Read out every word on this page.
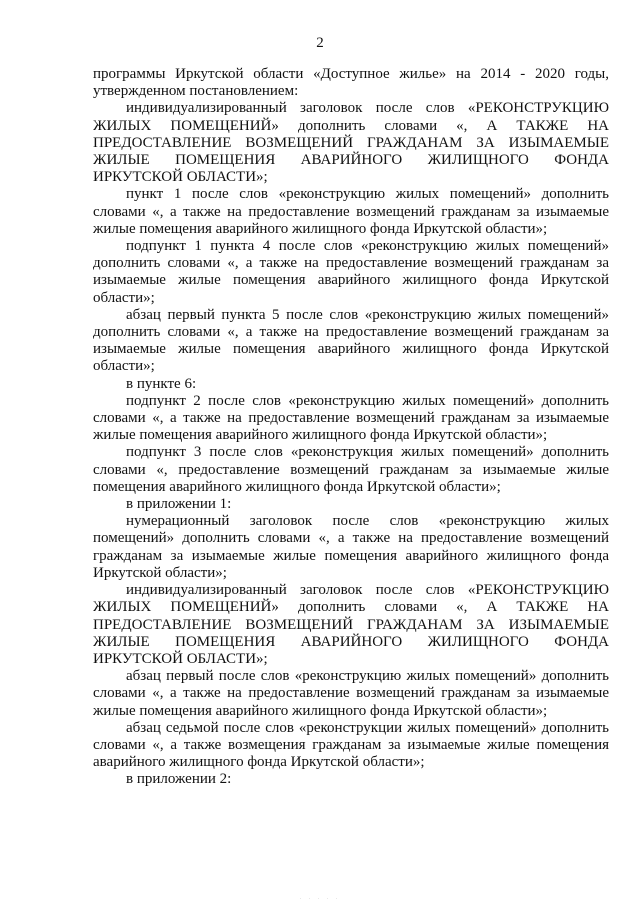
2

программы Иркутской области «Доступное жилье» на 2014 - 2020 годы, утвержденном постановлением:

индивидуализированный заголовок после слов «РЕКОНСТРУКЦИЮ ЖИЛЫХ ПОМЕЩЕНИЙ» дополнить словами «, А ТАКЖЕ НА ПРЕДОСТАВЛЕНИЕ ВОЗМЕЩЕНИЙ ГРАЖДАНАМ ЗА ИЗЫМАЕМЫЕ ЖИЛЫЕ ПОМЕЩЕНИЯ АВАРИЙНОГО ЖИЛИЩНОГО ФОНДА ИРКУТСКОЙ ОБЛАСТИ»;

пункт 1 после слов «реконструкцию жилых помещений» дополнить словами «, а также на предоставление возмещений гражданам за изымаемые жилые помещения аварийного жилищного фонда Иркутской области»;

подпункт 1 пункта 4 после слов «реконструкцию жилых помещений» дополнить словами «, а также на предоставление возмещений гражданам за изымаемые жилые помещения аварийного жилищного фонда Иркутской области»;

абзац первый пункта 5 после слов «реконструкцию жилых помещений» дополнить словами «, а также на предоставление возмещений гражданам за изымаемые жилые помещения аварийного жилищного фонда Иркутской области»;

в пункте 6:

подпункт 2 после слов «реконструкцию жилых помещений» дополнить словами «, а также на предоставление возмещений гражданам за изымаемые жилые помещения аварийного жилищного фонда Иркутской области»;

подпункт 3 после слов «реконструкция жилых помещений» дополнить словами «, предоставление возмещений гражданам за изымаемые жилые помещения аварийного жилищного фонда Иркутской области»;

в приложении 1:

нумерационный заголовок после слов «реконструкцию жилых помещений» дополнить словами «, а также на предоставление возмещений гражданам за изымаемые жилые помещения аварийного жилищного фонда Иркутской области»;

индивидуализированный заголовок после слов «РЕКОНСТРУКЦИЮ ЖИЛЫХ ПОМЕЩЕНИЙ» дополнить словами «, А ТАКЖЕ НА ПРЕДОСТАВЛЕНИЕ ВОЗМЕЩЕНИЙ ГРАЖДАНАМ ЗА ИЗЫМАЕМЫЕ ЖИЛЫЕ ПОМЕЩЕНИЯ АВАРИЙНОГО ЖИЛИЩНОГО ФОНДА ИРКУТСКОЙ ОБЛАСТИ»;

абзац первый после слов «реконструкцию жилых помещений» дополнить словами «, а также на предоставление возмещений гражданам за изымаемые жилые помещения аварийного жилищного фонда Иркутской области»;

абзац седьмой после слов «реконструкции жилых помещений» дополнить словами «, а также возмещения гражданам за изымаемые жилые помещения аварийного жилищного фонда Иркутской области»;

в приложении 2:

. . . . .
